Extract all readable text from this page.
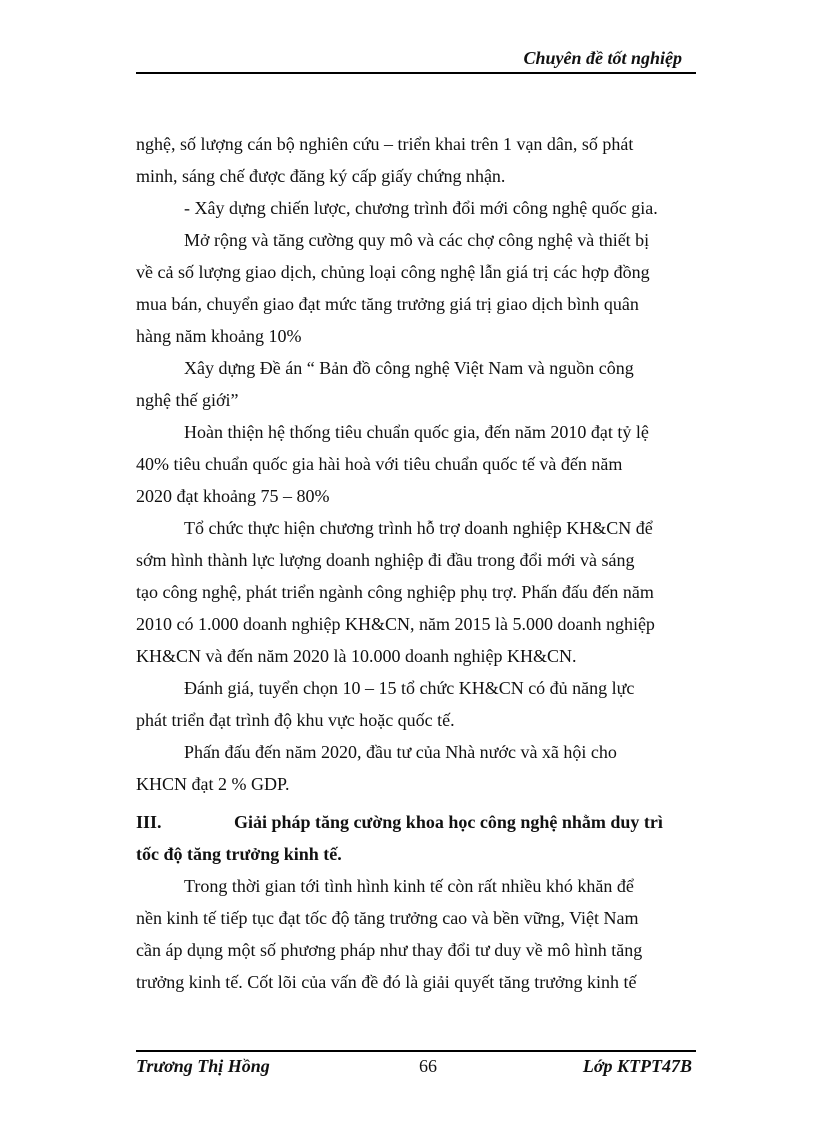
Chuyên đề tốt nghiệp
nghệ, số lượng cán bộ nghiên cứu – triển khai trên 1 vạn dân, số phát
minh, sáng chế được đăng ký cấp giấy chứng nhận.
- Xây dựng chiến lược, chương trình đổi mới công nghệ quốc gia.
Mở rộng và tăng cường quy mô và các chợ công nghệ và thiết bị
về cả số lượng giao dịch, chủng loại công nghệ lẫn giá trị các hợp đồng
mua bán, chuyển giao đạt mức tăng trưởng giá trị giao dịch bình quân
hàng năm khoảng 10%
Xây dựng Đề án “ Bản đồ công nghệ Việt Nam và nguồn công
nghệ thế giới”
Hoàn thiện hệ thống tiêu chuẩn quốc gia, đến năm 2010 đạt tỷ lệ
40% tiêu chuẩn quốc gia hài hoà với tiêu chuẩn quốc tế và đến năm
2020 đạt khoảng 75 – 80%
Tổ chức thực hiện chương trình hỗ trợ doanh nghiệp KH&CN để
sớm hình thành lực lượng doanh nghiệp đi đầu trong đổi mới và sáng
tạo công nghệ, phát triển ngành công nghiệp phụ trợ. Phấn đấu đến năm
2010 có 1.000 doanh nghiệp KH&CN, năm 2015 là 5.000 doanh nghiệp
KH&CN và đến năm 2020 là 10.000 doanh nghiệp KH&CN.
Đánh giá, tuyển chọn 10 – 15 tổ chức KH&CN có đủ năng lực
phát triển đạt trình độ khu vực hoặc quốc tế.
Phấn đấu đến năm 2020, đầu tư của Nhà nước và xã hội cho
KHCN đạt 2 % GDP.
III.	Giải pháp tăng cường khoa học công nghệ nhằm duy trì
tốc độ tăng trưởng kinh tế.
Trong thời gian tới tình hình kinh tế còn rất nhiều khó khăn để
nền kinh tế tiếp tục đạt tốc độ tăng trưởng cao và bền vững, Việt Nam
cần áp dụng một số phương pháp như thay đổi tư duy về mô hình tăng
trưởng kinh tế. Cốt lõi của vấn đề đó là giải quyết tăng trưởng kinh tế
Trương Thị Hồng	66	Lớp KTPT47B
